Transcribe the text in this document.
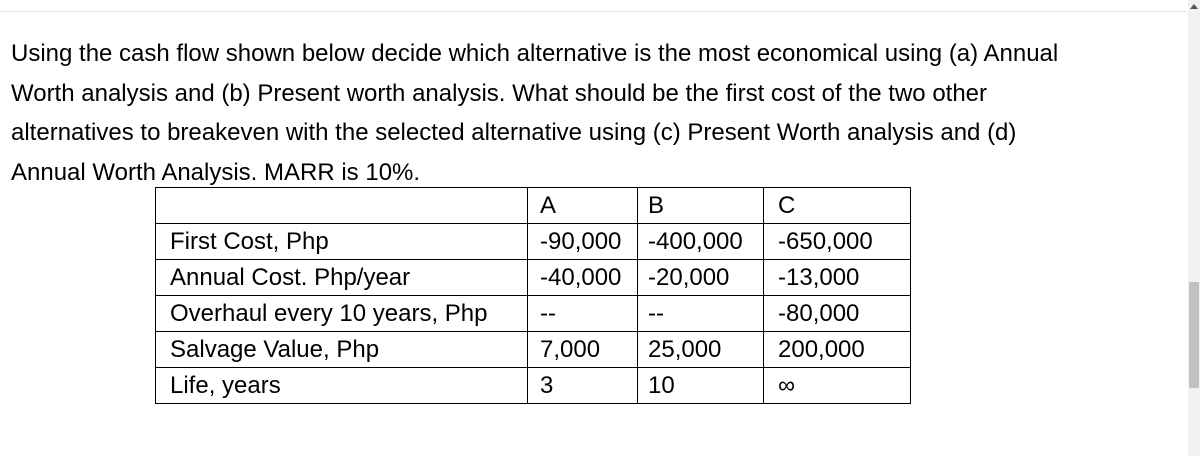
Using the cash flow shown below decide which alternative is the most economical using (a) Annual
Worth analysis and (b) Present worth analysis. What should be the first cost of the two other
alternatives to breakeven with the selected alternative using (c) Present Worth analysis and (d)
Annual Worth Analysis. MARR is 10%.
	A	B	C
First Cost, Php	-90,000	-400,000	-650,000
Annual Cost. Php/year	-40,000	-20,000	-13,000
Overhaul every 10 years, Php	--	--	-80,000
Salvage Value, Php	7,000	25,000	200,000
Life, years	3	10	∞
